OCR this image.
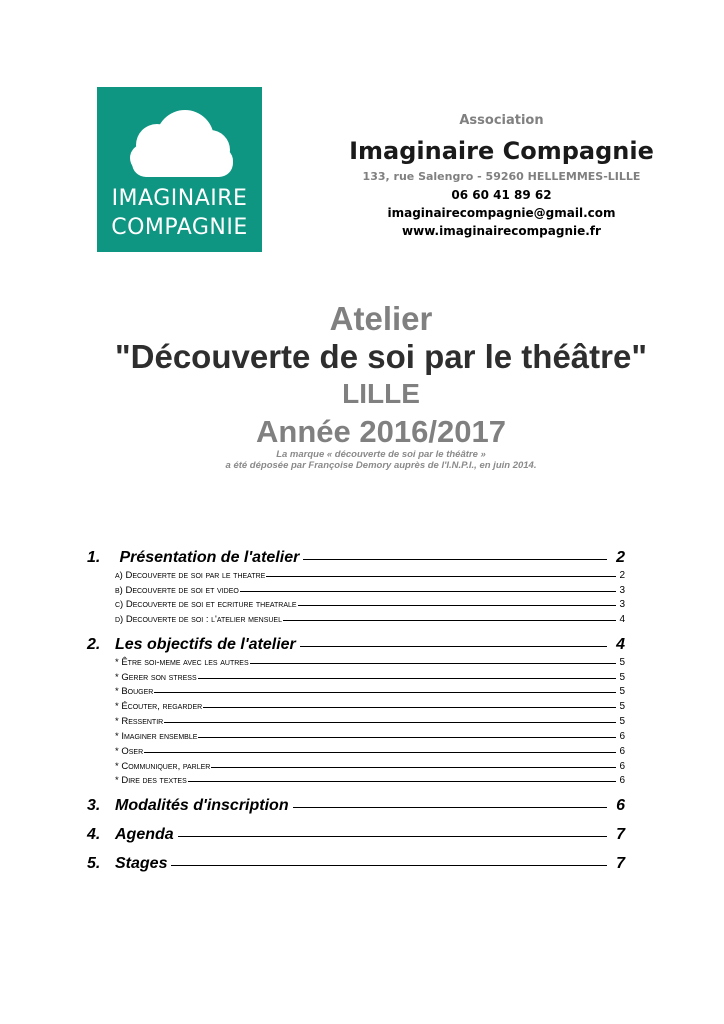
IMAGINAIRE
COMPAGNIE
Association
Imaginaire Compagnie
133, rue Salengro - 59260 HELLEMMES-LILLE
06 60 41 89 62
imaginairecompagnie@gmail.com
www.imaginairecompagnie.fr
Atelier
"Découverte de soi par le théâtre"
LILLE
Année 2016/2017
La marque « découverte de soi par le théâtre »
a été déposée par Françoise Demory auprès de l'I.N.P.I., en juin 2014.
1. Présentation de l'atelier	2
a) Decouverte de soi par le theatre	2
b) Decouverte de soi et video	3
c) Decouverte de soi et ecriture theatrale	3
d) Decouverte de soi : l'atelier mensuel	4
2. Les objectifs de l'atelier	4
* Être soi-meme avec les autres	5
* Gerer son stress	5
* Bouger	5
* Écouter, regarder	5
* Ressentir	5
* Imaginer ensemble	6
* Oser	6
* Communiquer, parler	6
* Dire des textes	6
3. Modalités d'inscription	6
4. Agenda	7
5. Stages	7
